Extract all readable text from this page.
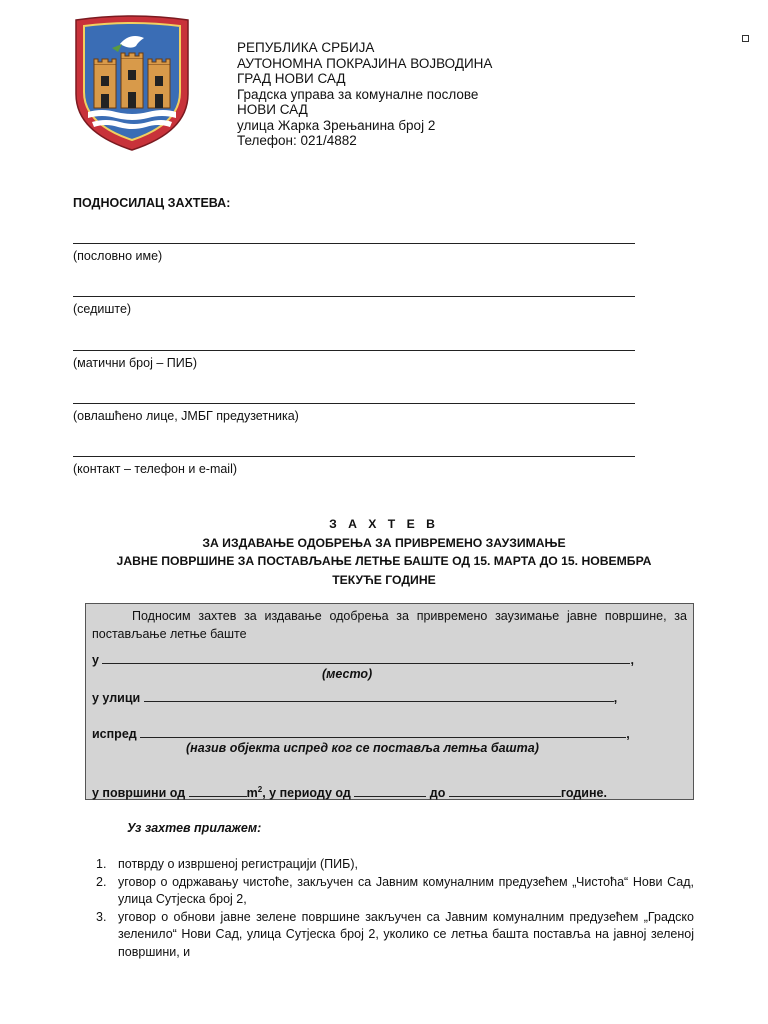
РЕПУБЛИКА СРБИЈА
АУТОНОМНА ПОКРАЈИНА ВОЈВОДИНА
ГРАД НОВИ САД
Градска управа за комуналне послове
НОВИ САД
улица Жарка Зрењанина број 2
Телефон: 021/4882
ПОДНОСИЛАЦ ЗАХТЕВА:
(пословно име)
(седиште)
(матични број – ПИБ)
(овлашћено лице, ЈМБГ предузетника)
(контакт – телефон и e-mail)
З А Х Т Е В
ЗА ИЗДАВАЊЕ ОДОБРЕЊА ЗА ПРИВРЕМЕНО ЗАУЗИМАЊЕ
ЈАВНЕ ПОВРШИНЕ ЗА ПОСТАВЉАЊЕ ЛЕТЊЕ БАШТЕ ОД 15. МАРТА ДО 15. НОВЕМБРА
ТЕКУЋЕ ГОДИНЕ
Подносим захтев за издавање одобрења за привремено заузимање јавне површине, за постављање летње баште
у	,
(место)
у улици	,
испред	,
(назив објекта испред ког се поставља летња башта)
у површини од	$m^2$, у периоду од	до	године.
Уз захтев прилажем:
1. потврду о извршеној регистрацији (ПИБ),
2. уговор о одржавању чистоће, закључен са Јавним комуналним предузећем „Чистоћа“ Нови Сад, улица Сутјеска број 2,
3. уговор о обнови јавне зелене површине закључен са Јавним комуналним предузећем „Градско зеленило“ Нови Сад, улица Сутјеска број 2, уколико се летња башта поставља на јавној зеленој површини, и
